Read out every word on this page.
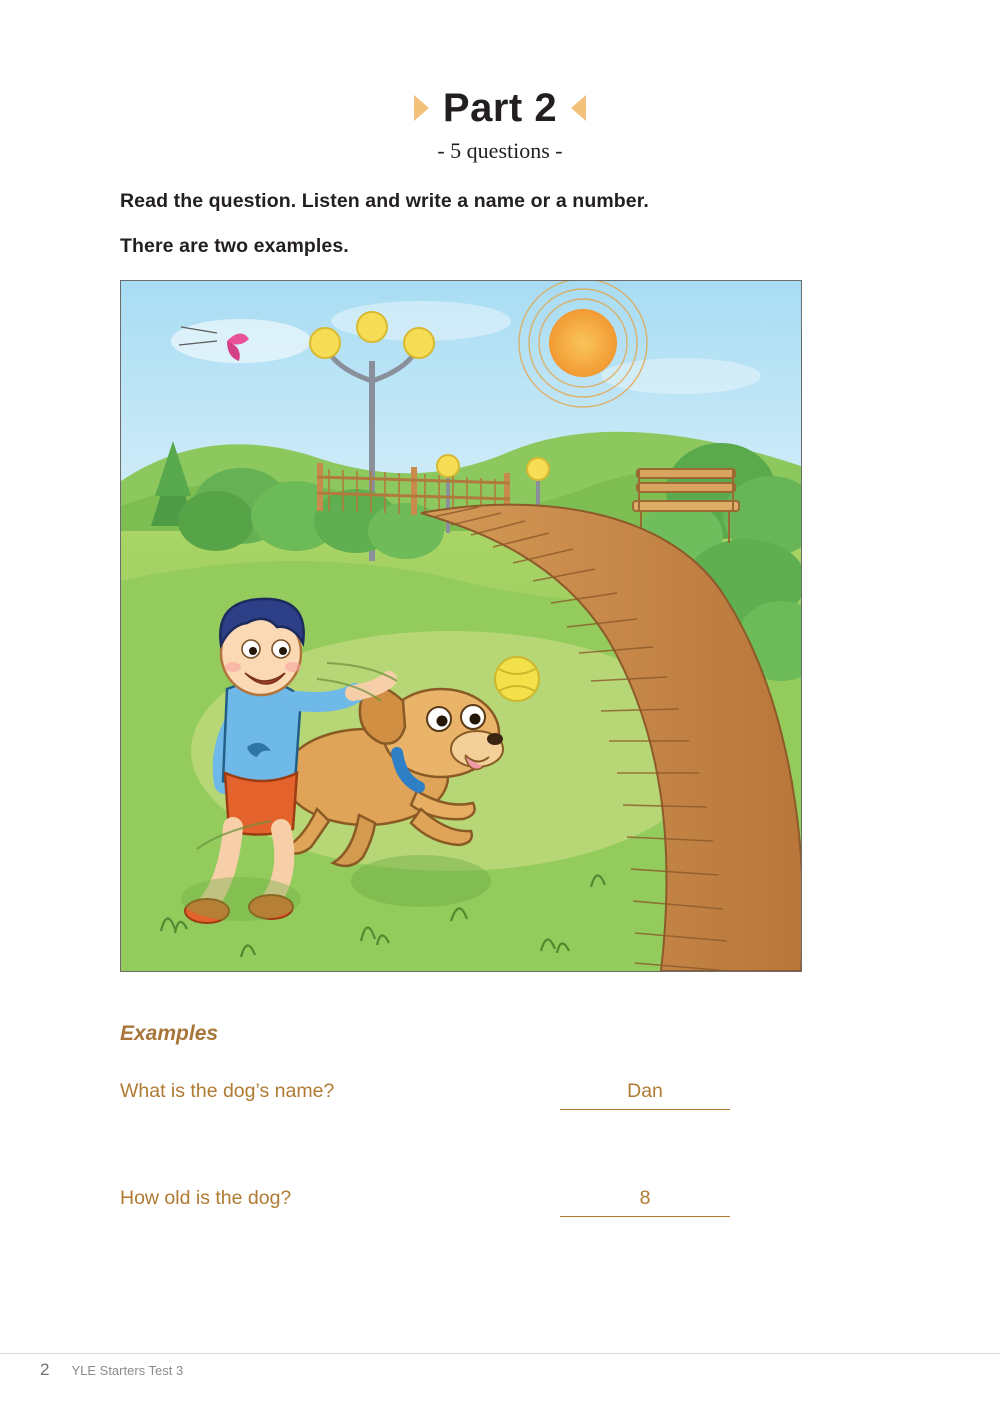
Part 2
- 5 questions -

Read the question. Listen and write a name or a number.

There are two examples.

Examples
What is the dog’s name?	Dan
How old is the dog?	8
2 YLE Starters Test 3
